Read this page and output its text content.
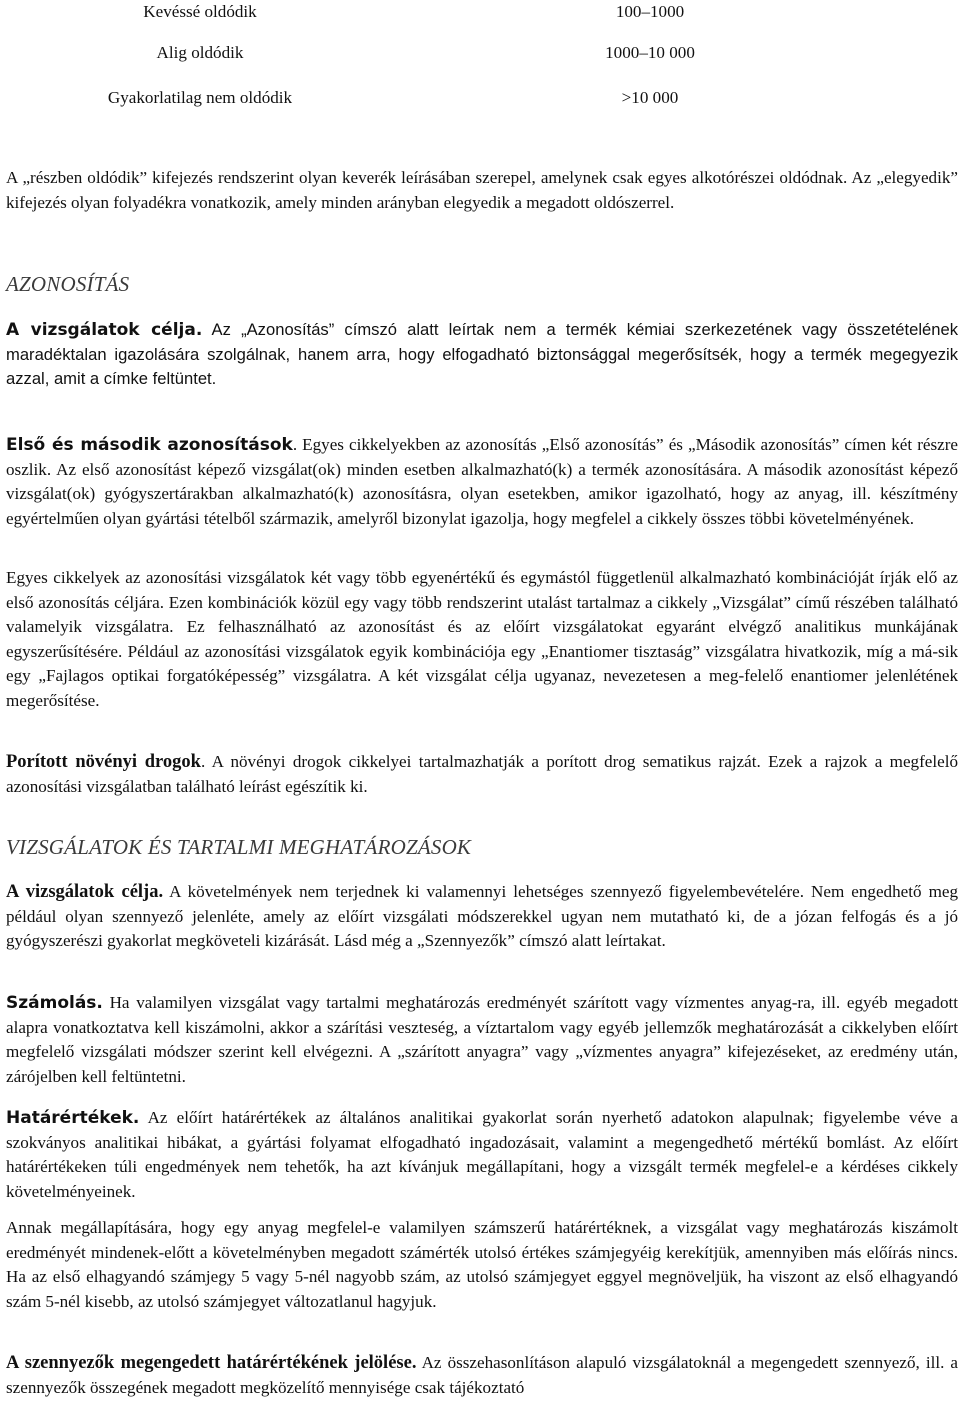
Kevéssé oldódik	100–1000
Alig oldódik	1000–10 000
Gyakorlatilag nem oldódik	>10 000

A „részben oldódik” kifejezés rendszerint olyan keverék leírásában szerepel, amelynek csak egyes alkotórészei oldódnak. Az „elegyedik” kifejezés olyan folyadékra vonatkozik, amely minden arányban elegyedik a megadott oldószerrel.

AZONOSÍTÁS

A vizsgálatok célja. Az „Azonosítás” címszó alatt leírtak nem a termék kémiai szerkezetének vagy összetételének maradéktalan igazolására szolgálnak, hanem arra, hogy elfogadható biztonsággal megerősítsék, hogy a termék megegyezik azzal, amit a címke feltüntet.

Első és második azonosítások. Egyes cikkelyekben az azonosítás „Első azonosítás” és „Második azonosítás” címen két részre oszlik. Az első azonosítást képező vizsgálat(ok) minden esetben alkalmazható(k) a termék azonosítására. A második azonosítást képező vizsgálat(ok) gyógyszertárakban alkalmazható(k) azonosításra, olyan esetekben, amikor igazolható, hogy az anyag, ill. készítmény egyértelműen olyan gyártási tételből származik, amelyről bizonylat igazolja, hogy megfelel a cikkely összes többi követelményének.

Egyes cikkelyek az azonosítási vizsgálatok két vagy több egyenértékű és egymástól függetlenül alkalmazható kombinációját írják elő az első azonosítás céljára. Ezen kombinációk közül egy vagy több rendszerint utalást tartalmaz a cikkely „Vizsgálat” című részében található valamelyik vizsgálatra. Ez felhasználható az azonosítást és az előírt vizsgálatokat egyaránt elvégző analitikus munkájának egyszerűsítésére. Például az azonosítási vizsgálatok egyik kombinációja egy „Enantiomer tisztaság” vizsgálatra hivatkozik, míg a má-sik egy „Fajlagos optikai forgatóképesség” vizsgálatra. A két vizsgálat célja ugyanaz, nevezetesen a meg-felelő enantiomer jelenlétének megerősítése.

Porított növényi drogok. A növényi drogok cikkelyei tartalmazhatják a porított drog sematikus rajzát. Ezek a rajzok a megfelelő azonosítási vizsgálatban található leírást egészítik ki.

VIZSGÁLATOK ÉS TARTALMI MEGHATÁROZÁSOK

A vizsgálatok célja. A követelmények nem terjednek ki valamennyi lehetséges szennyező figyelembevételére. Nem engedhető meg például olyan szennyező jelenléte, amely az előírt vizsgálati módszerekkel ugyan nem mutatható ki, de a józan felfogás és a jó gyógyszerészi gyakorlat megköveteli kizárását. Lásd még a „Szennyezők” címszó alatt leírtakat.

Számolás. Ha valamilyen vizsgálat vagy tartalmi meghatározás eredményét szárított vagy vízmentes anyag-ra, ill. egyéb megadott alapra vonatkoztatva kell kiszámolni, akkor a szárítási veszteség, a víztartalom vagy egyéb jellemzők meghatározását a cikkelyben előírt megfelelő vizsgálati módszer szerint kell elvégezni. A „szárított anyagra” vagy „vízmentes anyagra” kifejezéseket, az eredmény után, zárójelben kell feltüntetni.

Határértékek. Az előírt határértékek az általános analitikai gyakorlat során nyerhető adatokon alapulnak; figyelembe véve a szokványos analitikai hibákat, a gyártási folyamat elfogadható ingadozásait, valamint a megengedhető mértékű bomlást. Az előírt határértékeken túli engedmények nem tehetők, ha azt kívánjuk megállapítani, hogy a vizsgált termék megfelel-e a kérdéses cikkely követelményeinek.

Annak megállapítására, hogy egy anyag megfelel-e valamilyen számszerű határértéknek, a vizsgálat vagy meghatározás kiszámolt eredményét mindenek-előtt a követelményben megadott számérték utolsó értékes számjegyéig kerekítjük, amennyiben más előírás nincs. Ha az első elhagyandó számjegy 5 vagy 5-nél nagyobb szám, az utolsó számjegyet eggyel megnöveljük, ha viszont az első elhagyandó szám 5-nél kisebb, az utolsó számjegyet változatlanul hagyjuk.

A szennyezők megengedett határértékének jelölése. Az összehasonlításon alapuló vizsgálatoknál a megengedett szennyező, ill. a szennyezők összegének megadott megközelítő mennyisége csak tájékoztató
